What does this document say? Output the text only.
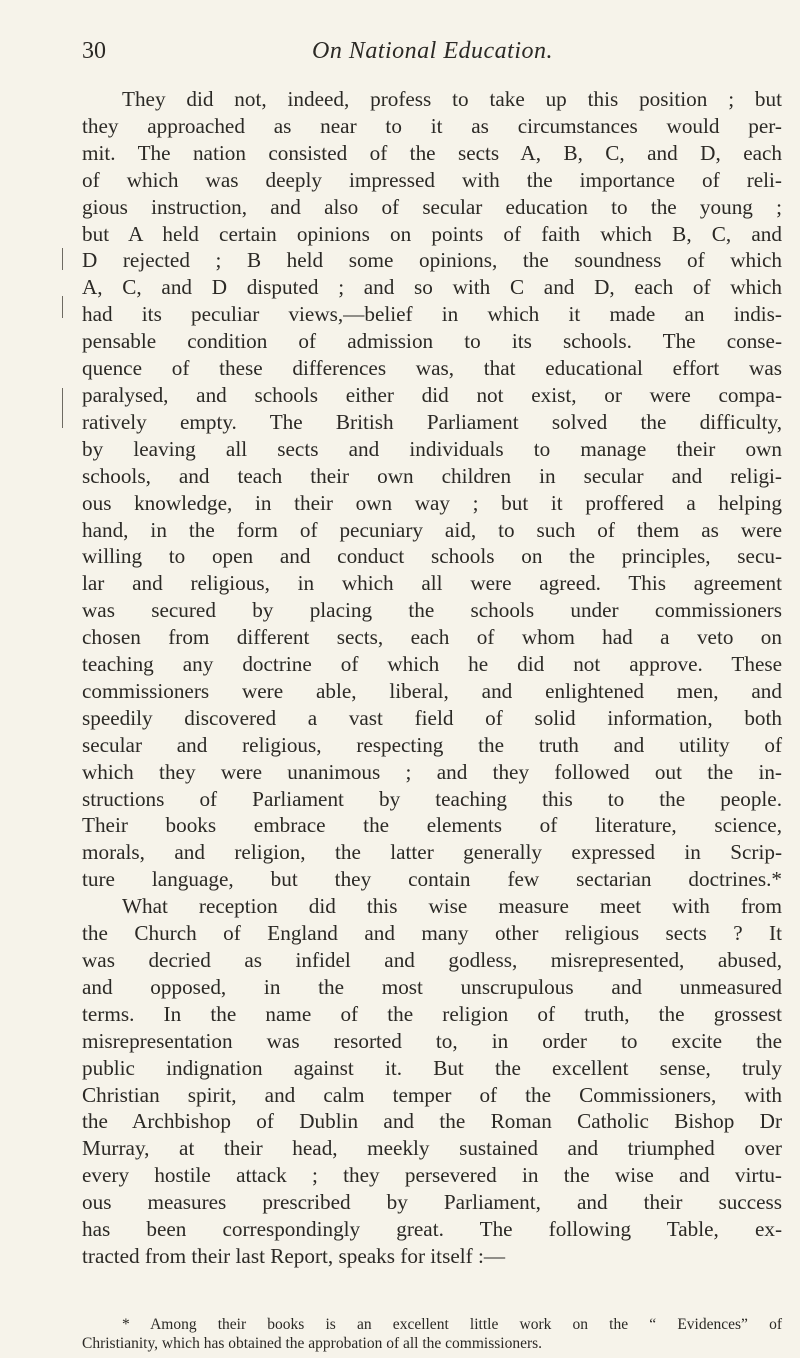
30	On National Education.
They did not, indeed, profess to take up this position ; but
they approached as near to it as circumstances would per-
mit. The nation consisted of the sects A, B, C, and D, each
of which was deeply impressed with the importance of reli-
gious instruction, and also of secular education to the young ;
but A held certain opinions on points of faith which B, C, and
D rejected ; B held some opinions, the soundness of which
A, C, and D disputed ; and so with C and D, each of which
had its peculiar views,—belief in which it made an indis-
pensable condition of admission to its schools. The conse-
quence of these differences was, that educational effort was
paralysed, and schools either did not exist, or were compa-
ratively empty. The British Parliament solved the difficulty,
by leaving all sects and individuals to manage their own
schools, and teach their own children in secular and religi-
ous knowledge, in their own way ; but it proffered a helping
hand, in the form of pecuniary aid, to such of them as were
willing to open and conduct schools on the principles, secu-
lar and religious, in which all were agreed. This agreement
was secured by placing the schools under commissioners
chosen from different sects, each of whom had a veto on
teaching any doctrine of which he did not approve. These
commissioners were able, liberal, and enlightened men, and
speedily discovered a vast field of solid information, both
secular and religious, respecting the truth and utility of
which they were unanimous ; and they followed out the in-
structions of Parliament by teaching this to the people.
Their books embrace the elements of literature, science,
morals, and religion, the latter generally expressed in Scrip-
ture language, but they contain few sectarian doctrines.*
What reception did this wise measure meet with from
the Church of England and many other religious sects ? It
was decried as infidel and godless, misrepresented, abused,
and opposed, in the most unscrupulous and unmeasured
terms. In the name of the religion of truth, the grossest
misrepresentation was resorted to, in order to excite the
public indignation against it. But the excellent sense, truly
Christian spirit, and calm temper of the Commissioners, with
the Archbishop of Dublin and the Roman Catholic Bishop Dr
Murray, at their head, meekly sustained and triumphed over
every hostile attack ; they persevered in the wise and virtu-
ous measures prescribed by Parliament, and their success
has been correspondingly great. The following Table, ex-
tracted from their last Report, speaks for itself :—
* Among their books is an excellent little work on the “ Evidences” of
Christianity, which has obtained the approbation of all the commissioners.
